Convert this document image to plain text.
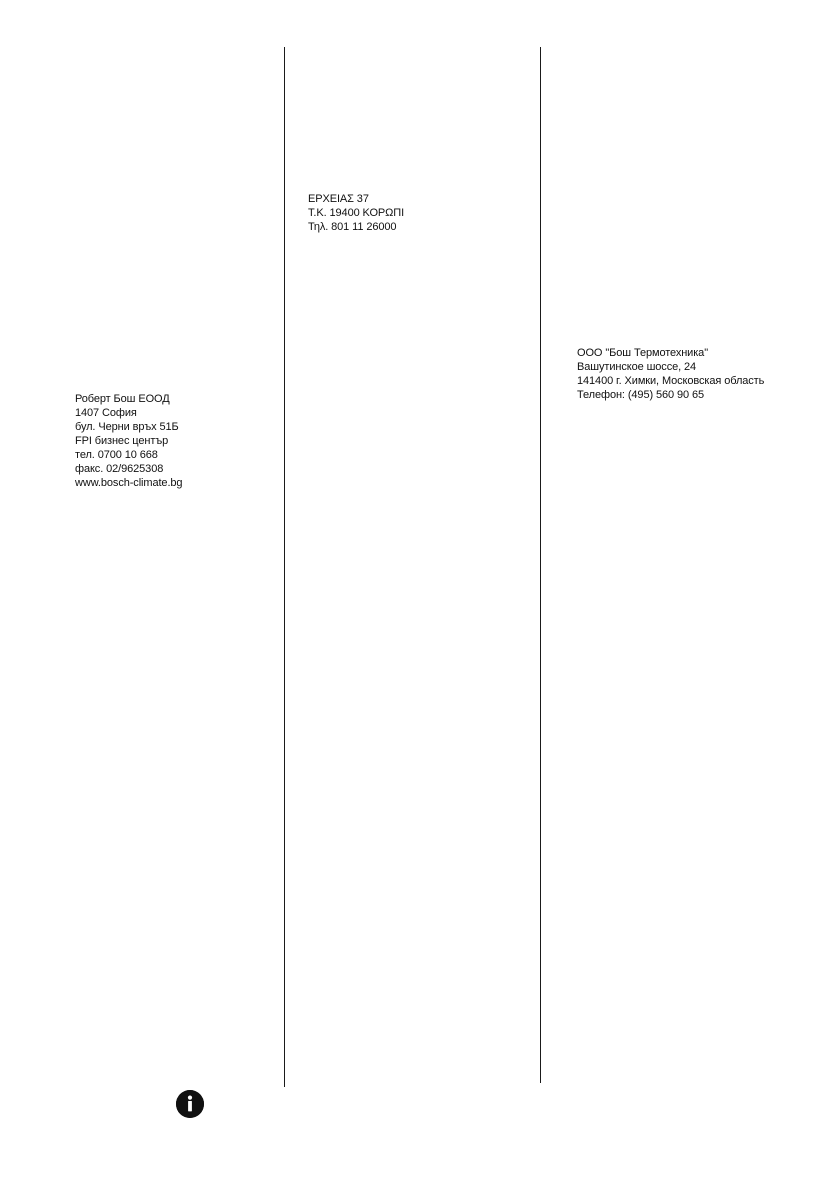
Роберт Бош ЕООД
1407 София
бул. Черни връх 51Б
FPI бизнес център
тел. 0700 10 668
факс. 02/9625308
www.bosch-climate.bg
ΕΡΧΕΙΑΣ 37
Τ.Κ. 19400 ΚΟΡΩΠΙ
Τηλ. 801 11 26000
ООО "Бош Термотехника"
Вашутинское шоссе, 24
141400 г. Химки, Московская область
Телефон: (495) 560 90 65
